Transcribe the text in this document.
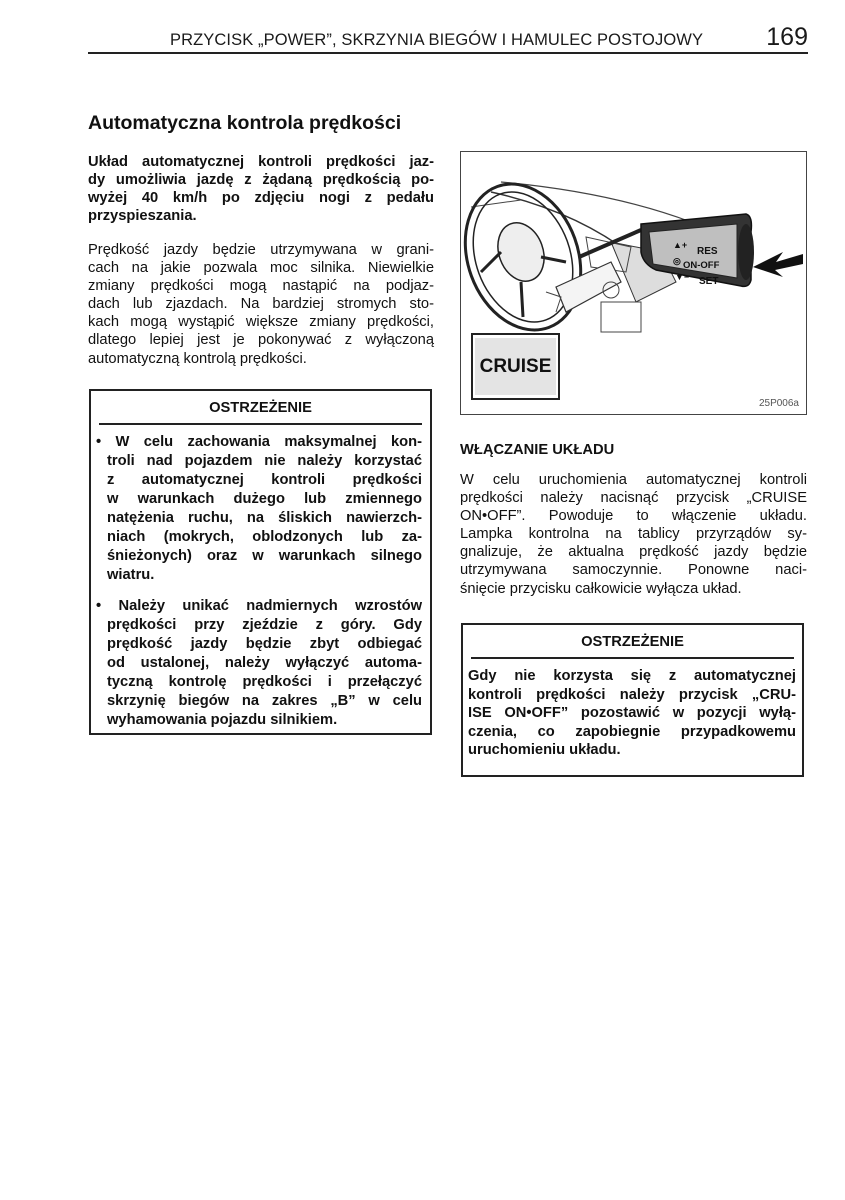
PRZYCISK „POWER”, SKRZYNIA BIEGÓW I HAMULEC POSTOJOWY	169
Automatyczna kontrola prędkości
Układ automatycznej kontroli prędkości jaz-
dy umożliwia jazdę z żądaną prędkością po-
wyżej 40 km/h po zdjęciu nogi z pedału
przyspieszania.
Prędkość jazdy będzie utrzymywana w grani-
cach na jakie pozwala moc silnika. Niewielkie
zmiany prędkości mogą nastąpić na podjaz-
dach lub zjazdach. Na bardziej stromych sto-
kach mogą wystąpić większe zmiany prędkości,
dlatego lepiej jest je pokonywać z wyłączoną
automatyczną kontrolą prędkości.
OSTRZEŻENIE
• W celu zachowania maksymalnej kon-
troli nad pojazdem nie należy korzystać
z automatycznej kontroli prędkości
w warunkach dużego lub zmiennego
natężenia ruchu, na śliskich nawierzch-
niach (mokrych, oblodzonych lub za-
śnieżonych) oraz w warunkach silnego
wiatru.
• Należy unikać nadmiernych wzrostów
prędkości przy zjeździe z góry. Gdy
prędkość jazdy będzie zbyt odbiegać
od ustalonej, należy wyłączyć automa-
tyczną kontrolę prędkości i przełączyć
skrzynię biegów na zakres „B” w celu
wyhamowania pojazdu silnikiem.
▲+
RES
◎ ON-OFF
▼− SET
CRUISE
25P006a
WŁĄCZANIE UKŁADU
W celu uruchomienia automatycznej kontroli
prędkości należy nacisnąć przycisk „CRUISE
ON•OFF”. Powoduje to włączenie układu.
Lampka kontrolna na tablicy przyrządów sy-
gnalizuje, że aktualna prędkość jazdy będzie
utrzymywana samoczynnie. Ponowne naci-
śnięcie przycisku całkowicie wyłącza układ.
OSTRZEŻENIE
Gdy nie korzysta się z automatycznej
kontroli prędkości należy przycisk „CRU-
ISE ON•OFF” pozostawić w pozycji wyłą-
czenia, co zapobiegnie przypadkowemu
uruchomieniu układu.
